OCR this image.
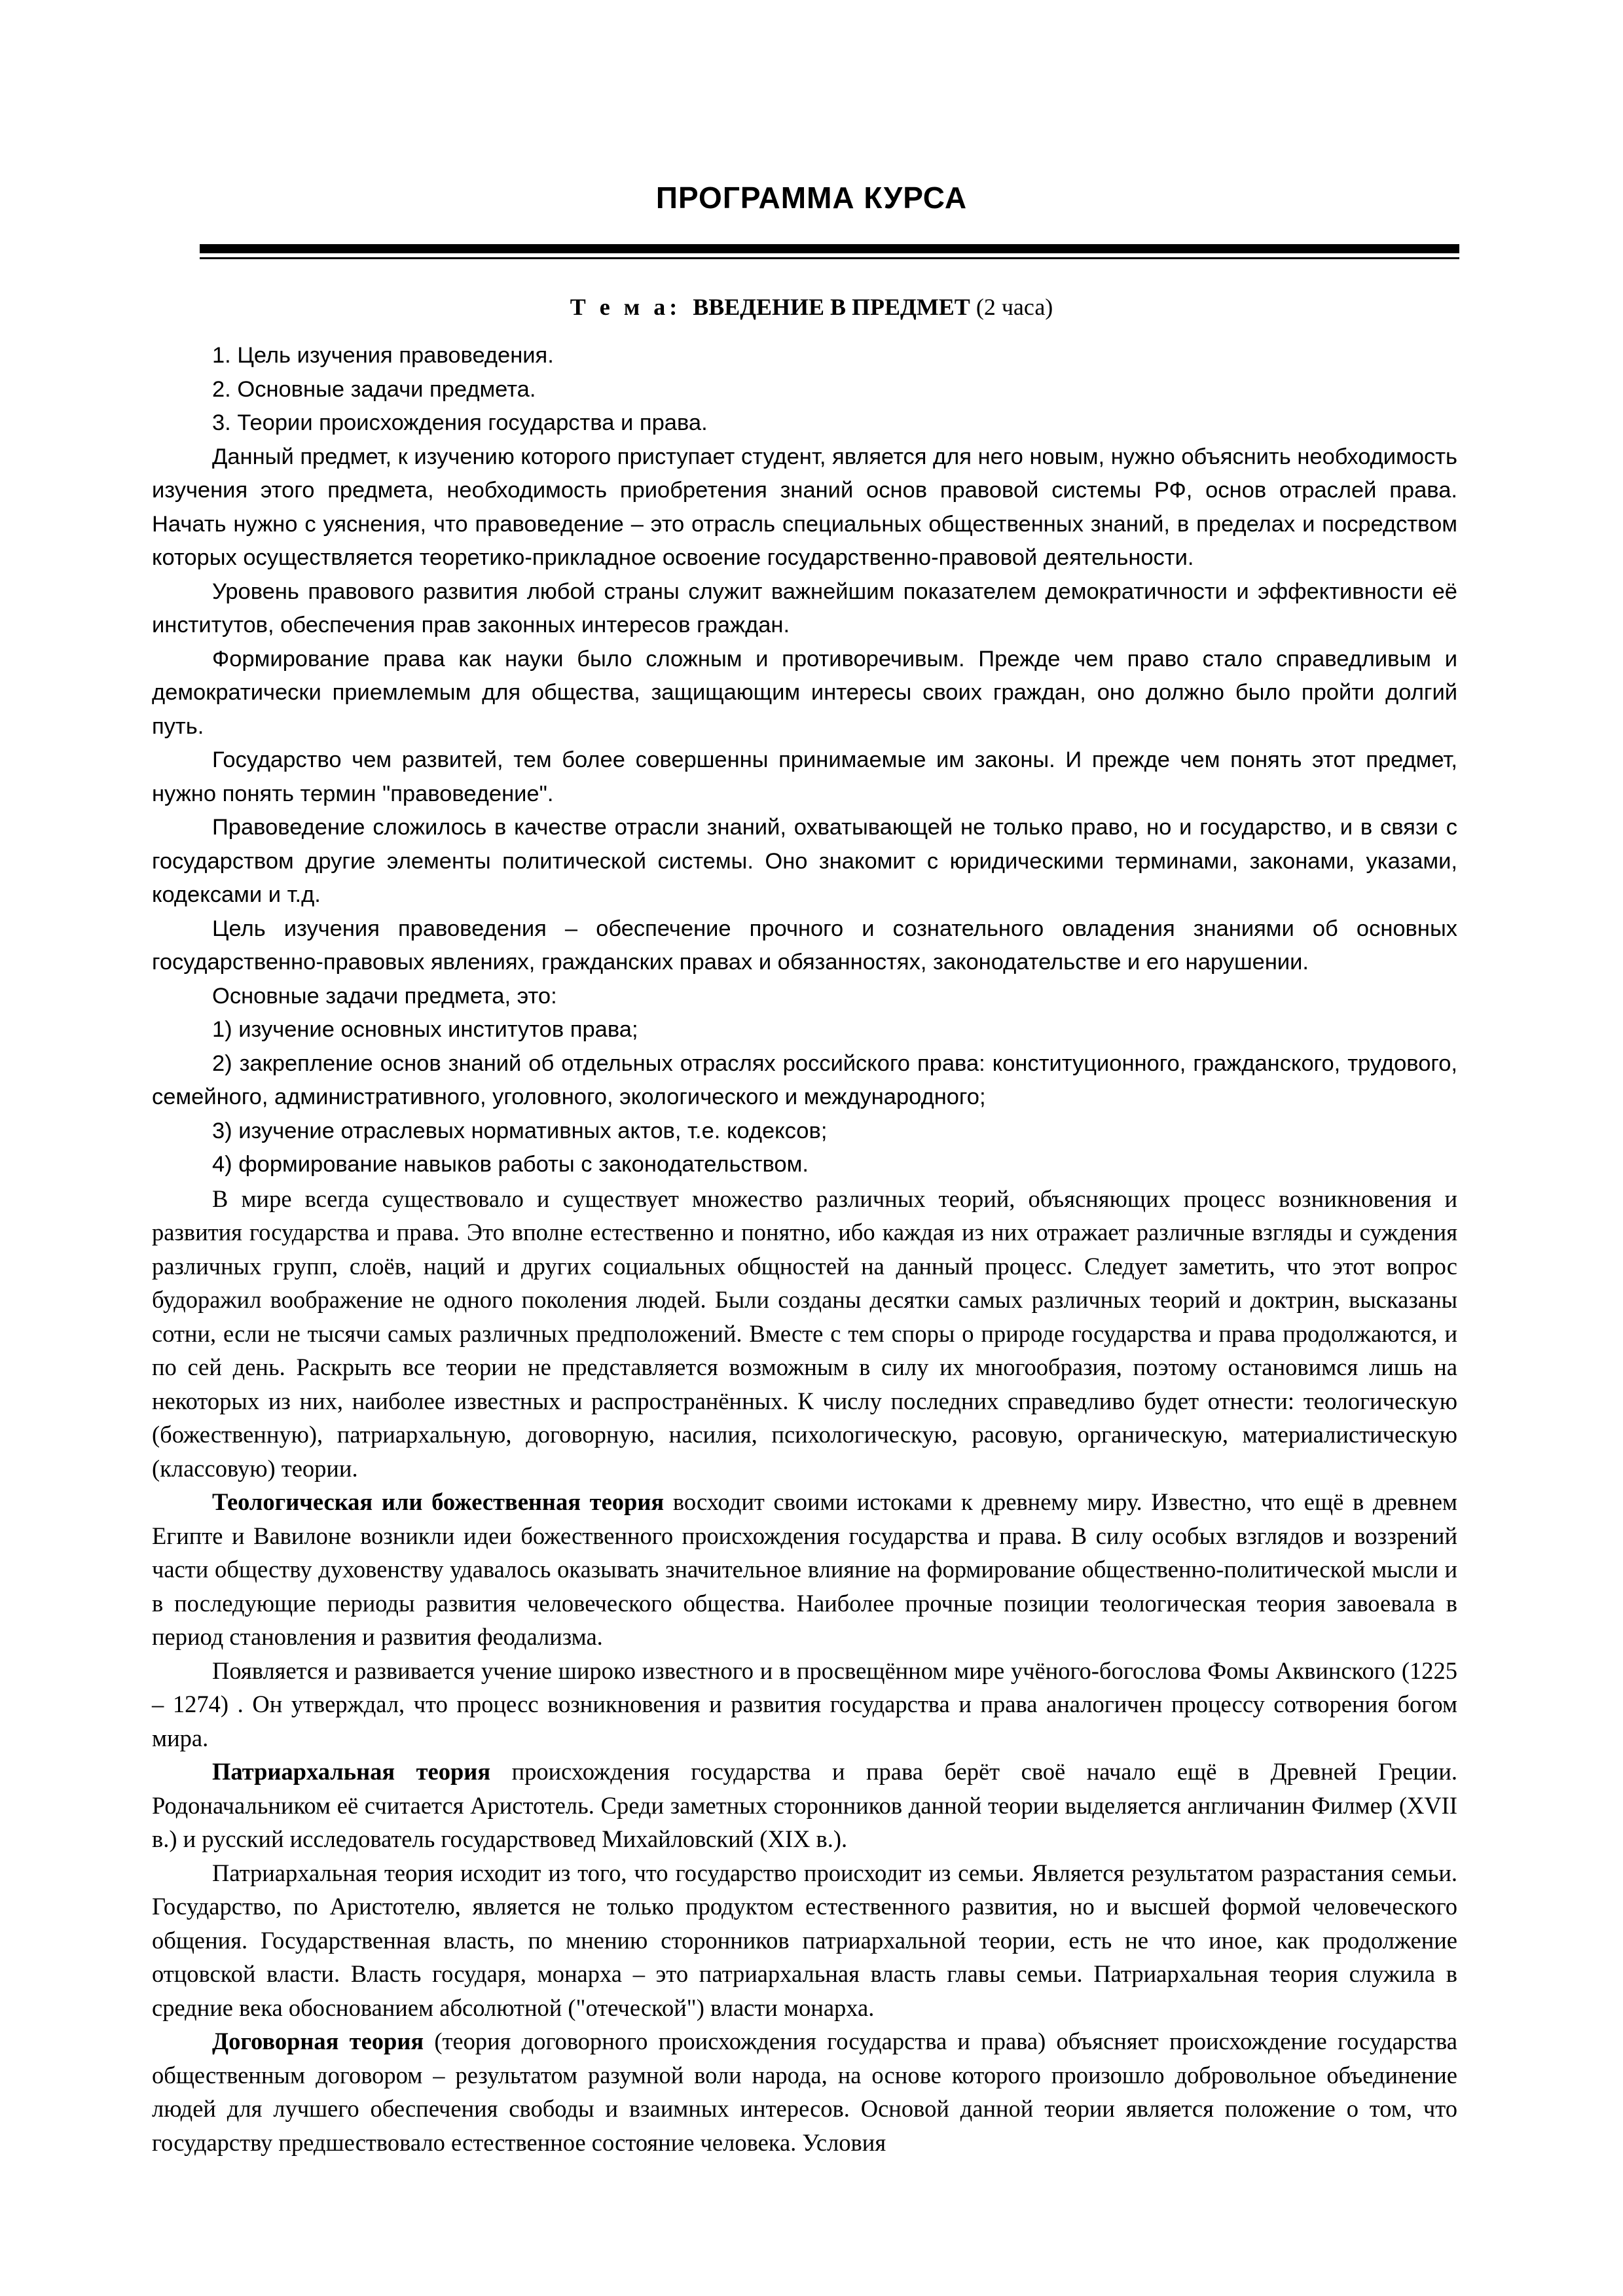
ПРОГРАММА КУРСА

Т е м а: ВВЕДЕНИЕ В ПРЕДМЕТ (2 часа)

1. Цель изучения правоведения.

2. Основные задачи предмета.

3. Теории происхождения государства и права.

Данный предмет, к изучению которого приступает студент, является для него новым, нужно объяснить необходимость изучения этого предмета, необходимость приобретения знаний основ правовой системы РФ, основ отраслей права. Начать нужно с уяснения, что правоведение – это отрасль специальных общественных знаний, в пределах и посредством которых осуществляется теоретико-прикладное освоение государственно-правовой деятельности.

Уровень правового развития любой страны служит важнейшим показателем демократичности и эффективности её институтов, обеспечения прав законных интересов граждан.

Формирование права как науки было сложным и противоречивым. Прежде чем право стало справедливым и демократически приемлемым для общества, защищающим интересы своих граждан, оно должно было пройти долгий путь.

Государство чем развитей, тем более совершенны принимаемые им законы. И прежде чем понять этот предмет, нужно понять термин "правоведение".

Правоведение сложилось в качестве отрасли знаний, охватывающей не только право, но и государство, и в связи с государством другие элементы политической системы. Оно знакомит с юридическими терминами, законами, указами, кодексами и т.д.

Цель изучения правоведения – обеспечение прочного и сознательного овладения знаниями об основных государственно-правовых явлениях, гражданских правах и обязанностях, законодательстве и его нарушении.

Основные задачи предмета, это:

1) изучение основных институтов права;

2) закрепление основ знаний об отдельных отраслях российского права: конституционного, гражданского, трудового, семейного, административного, уголовного, экологического и международного;

3) изучение отраслевых нормативных актов, т.е. кодексов;

4) формирование навыков работы с законодательством.

В мире всегда существовало и существует множество различных теорий, объясняющих процесс возникновения и развития государства и права. Это вполне естественно и понятно, ибо каждая из них отражает различные взгляды и суждения различных групп, слоёв, наций и других социальных общностей на данный процесс. Следует заметить, что этот вопрос будоражил воображение не одного поколения людей. Были созданы десятки самых различных теорий и доктрин, высказаны сотни, если не тысячи самых различных предположений. Вместе с тем споры о природе государства и права продолжаются, и по сей день. Раскрыть все теории не представляется возможным в силу их многообразия, поэтому остановимся лишь на некоторых из них, наиболее известных и распространённых. К числу последних справедливо будет отнести: теологическую (божественную), патриархальную, договорную, насилия, психологическую, расовую, органическую, материалистическую (классовую) теории.

Теологическая или божественная теория восходит своими истоками к древнему миру. Известно, что ещё в древнем Египте и Вавилоне возникли идеи божественного происхождения государства и права. В силу особых взглядов и воззрений части обществу духовенству удавалось оказывать значительное влияние на формирование общественно-политической мысли и в последующие периоды развития человеческого общества. Наиболее прочные позиции теологическая теория завоевала в период становления и развития феодализма.

Появляется и развивается учение широко известного и в просвещённом мире учёного-богослова Фомы Аквинского (1225 – 1274) . Он утверждал, что процесс возникновения и развития государства и права аналогичен процессу сотворения богом мира.

Патриархальная теория происхождения государства и права берёт своё начало ещё в Древней Греции. Родоначальником её считается Аристотель. Среди заметных сторонников данной теории выделяется англичанин Филмер (XVII в.) и русский исследователь государствовед Михайловский (XIX в.).

Патриархальная теория исходит из того, что государство происходит из семьи. Является результатом разрастания семьи. Государство, по Аристотелю, является не только продуктом естественного развития, но и высшей формой человеческого общения. Государственная власть, по мнению сторонников патриархальной теории, есть не что иное, как продолжение отцовской власти. Власть государя, монарха – это патриархальная власть главы семьи. Патриархальная теория служила в средние века обоснованием абсолютной ("отеческой") власти монарха.

Договорная теория (теория договорного происхождения государства и права) объясняет происхождение государства общественным договором – результатом разумной воли народа, на основе которого произошло добровольное объединение людей для лучшего обеспечения свободы и взаимных интересов. Основой данной теории является положение о том, что государству предшествовало естественное состояние человека. Условия
